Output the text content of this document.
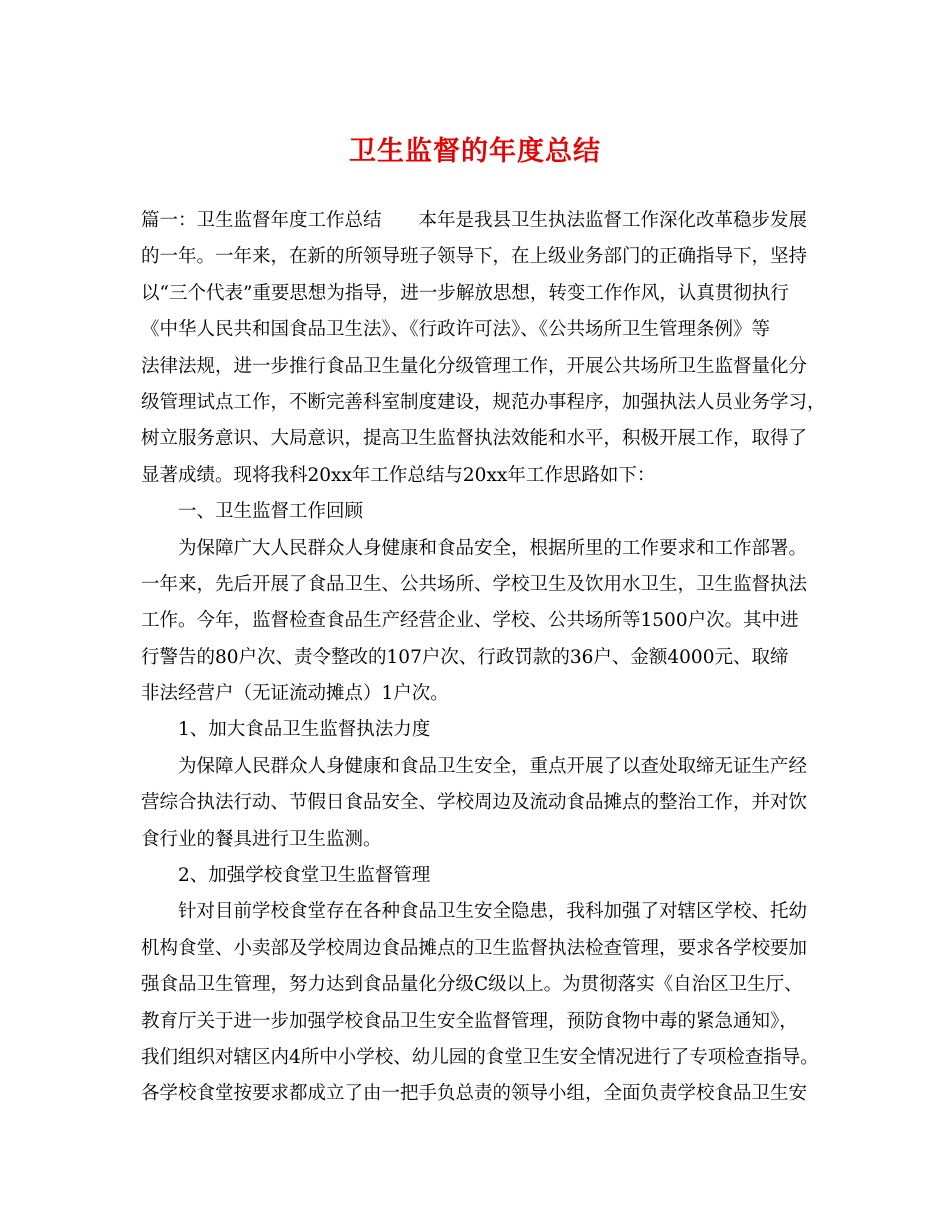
卫生监督的年度总结
篇一：卫生监督年度工作总结　　本年是我县卫生执法监督工作深化改革稳步发展
的一年。一年来，在新的所领导班子领导下，在上级业务部门的正确指导下，坚持
以“三个代表”重要思想为指导，进一步解放思想，转变工作作风，认真贯彻执行
《中华人民共和国食品卫生法》、《行政许可法》、《公共场所卫生管理条例》等
法律法规，进一步推行食品卫生量化分级管理工作，开展公共场所卫生监督量化分
级管理试点工作，不断完善科室制度建设，规范办事程序，加强执法人员业务学习，
树立服务意识、大局意识，提高卫生监督执法效能和水平，积极开展工作，取得了
显著成绩。现将我科20xx年工作总结与20xx年工作思路如下：
一、卫生监督工作回顾
为保障广大人民群众人身健康和食品安全，根据所里的工作要求和工作部署。
一年来，先后开展了食品卫生、公共场所、学校卫生及饮用水卫生，卫生监督执法
工作。今年，监督检查食品生产经营企业、学校、公共场所等1500户次。其中进
行警告的80户次、责令整改的107户次、行政罚款的36户、金额4000元、取缔
非法经营户（无证流动摊点）1户次。
1、加大食品卫生监督执法力度
为保障人民群众人身健康和食品卫生安全，重点开展了以查处取缔无证生产经
营综合执法行动、节假日食品安全、学校周边及流动食品摊点的整治工作，并对饮
食行业的餐具进行卫生监测。
2、加强学校食堂卫生监督管理
针对目前学校食堂存在各种食品卫生安全隐患，我科加强了对辖区学校、托幼
机构食堂、小卖部及学校周边食品摊点的卫生监督执法检查管理，要求各学校要加
强食品卫生管理，努力达到食品量化分级C级以上。为贯彻落实《自治区卫生厅、
教育厅关于进一步加强学校食品卫生安全监督管理，预防食物中毒的紧急通知》，
我们组织对辖区内4所中小学校、幼儿园的食堂卫生安全情况进行了专项检查指导。
各学校食堂按要求都成立了由一把手负总责的领导小组，全面负责学校食品卫生安
